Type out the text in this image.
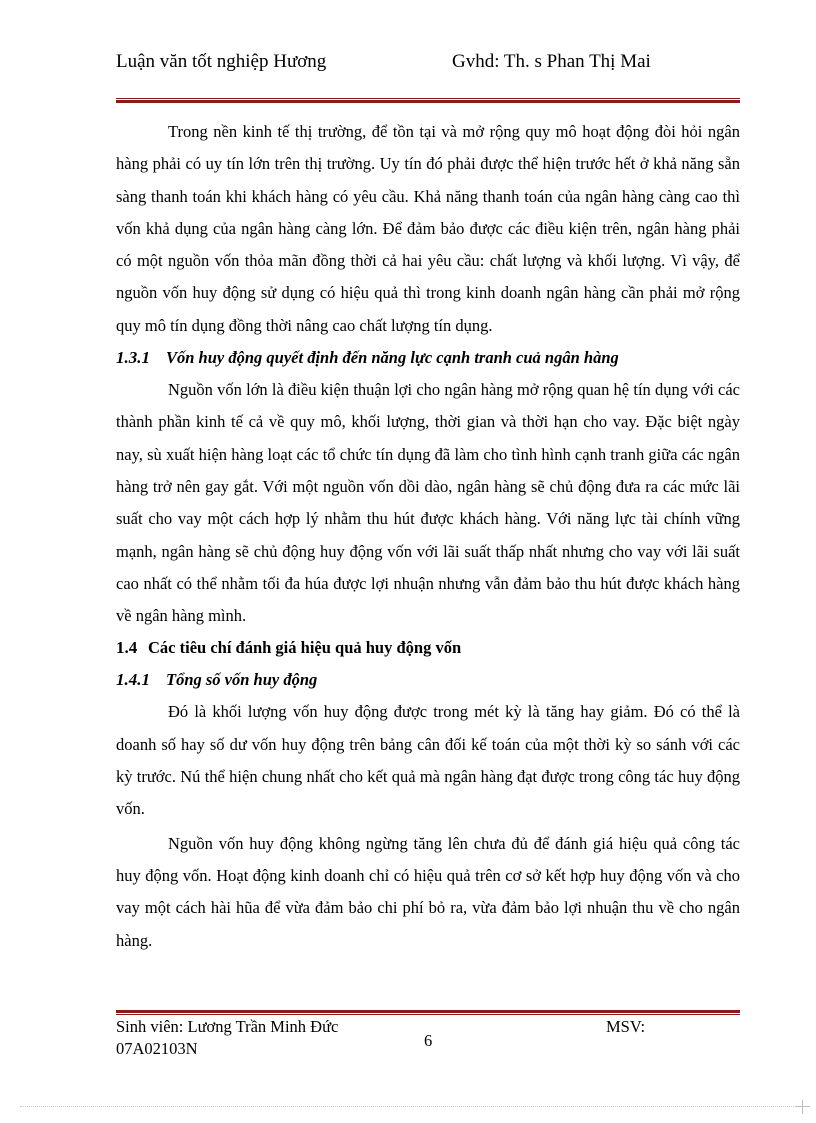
Luận văn tốt nghiệp Hương	Gvhd: Th. s Phan Thị Mai

Trong nền kinh tế thị trường, để tồn tại và mở rộng quy mô hoạt động đòi hỏi ngân hàng phải có uy tín lớn trên thị trường. Uy tín đó phải được thể hiện trước hết ở khả năng sẵn sàng thanh toán khi khách hàng có yêu cầu. Khả năng thanh toán của ngân hàng càng cao thì vốn khả dụng của ngân hàng càng lớn. Để đảm bảo được các điều kiện trên, ngân hàng phải có một nguồn vốn thỏa mãn đồng thời cả hai yêu cầu: chất lượng và khối lượng. Vì vậy, để nguồn vốn huy động sử dụng có hiệu quả thì trong kinh doanh ngân hàng cần phải mở rộng quy mô tín dụng đồng thời nâng cao chất lượng tín dụng.

1.3.1 Vốn huy động quyết định đến năng lực cạnh tranh cuả ngân hàng

Nguồn vốn lớn là điều kiện thuận lợi cho ngân hàng mở rộng quan hệ tín dụng với các thành phần kinh tế cả về quy mô, khối lượng, thời gian và thời hạn cho vay. Đặc biệt ngày nay, sù xuất hiện hàng loạt các tổ chức tín dụng đã làm cho tình hình cạnh tranh giữa các ngân hàng trở nên gay gắt. Với một nguồn vốn dồi dào, ngân hàng sẽ chủ động đưa ra các mức lãi suất cho vay một cách hợp lý nhằm thu hút được khách hàng. Với năng lực tài chính vững mạnh, ngân hàng sẽ chủ động huy động vốn với lãi suất thấp nhất nhưng cho vay với lãi suất cao nhất có thể nhằm tối đa húa được lợi nhuận nhưng vẫn đảm bảo thu hút được khách hàng về ngân hàng mình.

1.4 Các tiêu chí đánh giá hiệu quả huy động vốn
1.4.1 Tổng số vốn huy động

Đó là khối lượng vốn huy động được trong mét kỳ là tăng hay giảm. Đó có thể là doanh số hay số dư vốn huy động trên bảng cân đối kế toán của một thời kỳ so sánh với các kỳ trước. Nú thể hiện chung nhất cho kết quả mà ngân hàng đạt được trong công tác huy động vốn.

Nguồn vốn huy động không ngừng tăng lên chưa đủ để đánh giá hiệu quả công tác huy động vốn. Hoạt động kinh doanh chỉ có hiệu quả trên cơ sở kết hợp huy động vốn và cho vay một cách hài hũa để vừa đảm bảo chi phí bỏ ra, vừa đảm bảo lợi nhuận thu về cho ngân hàng.

Sinh viên: Lương Trần Minh Đức 07A02103N	6
MSV:
